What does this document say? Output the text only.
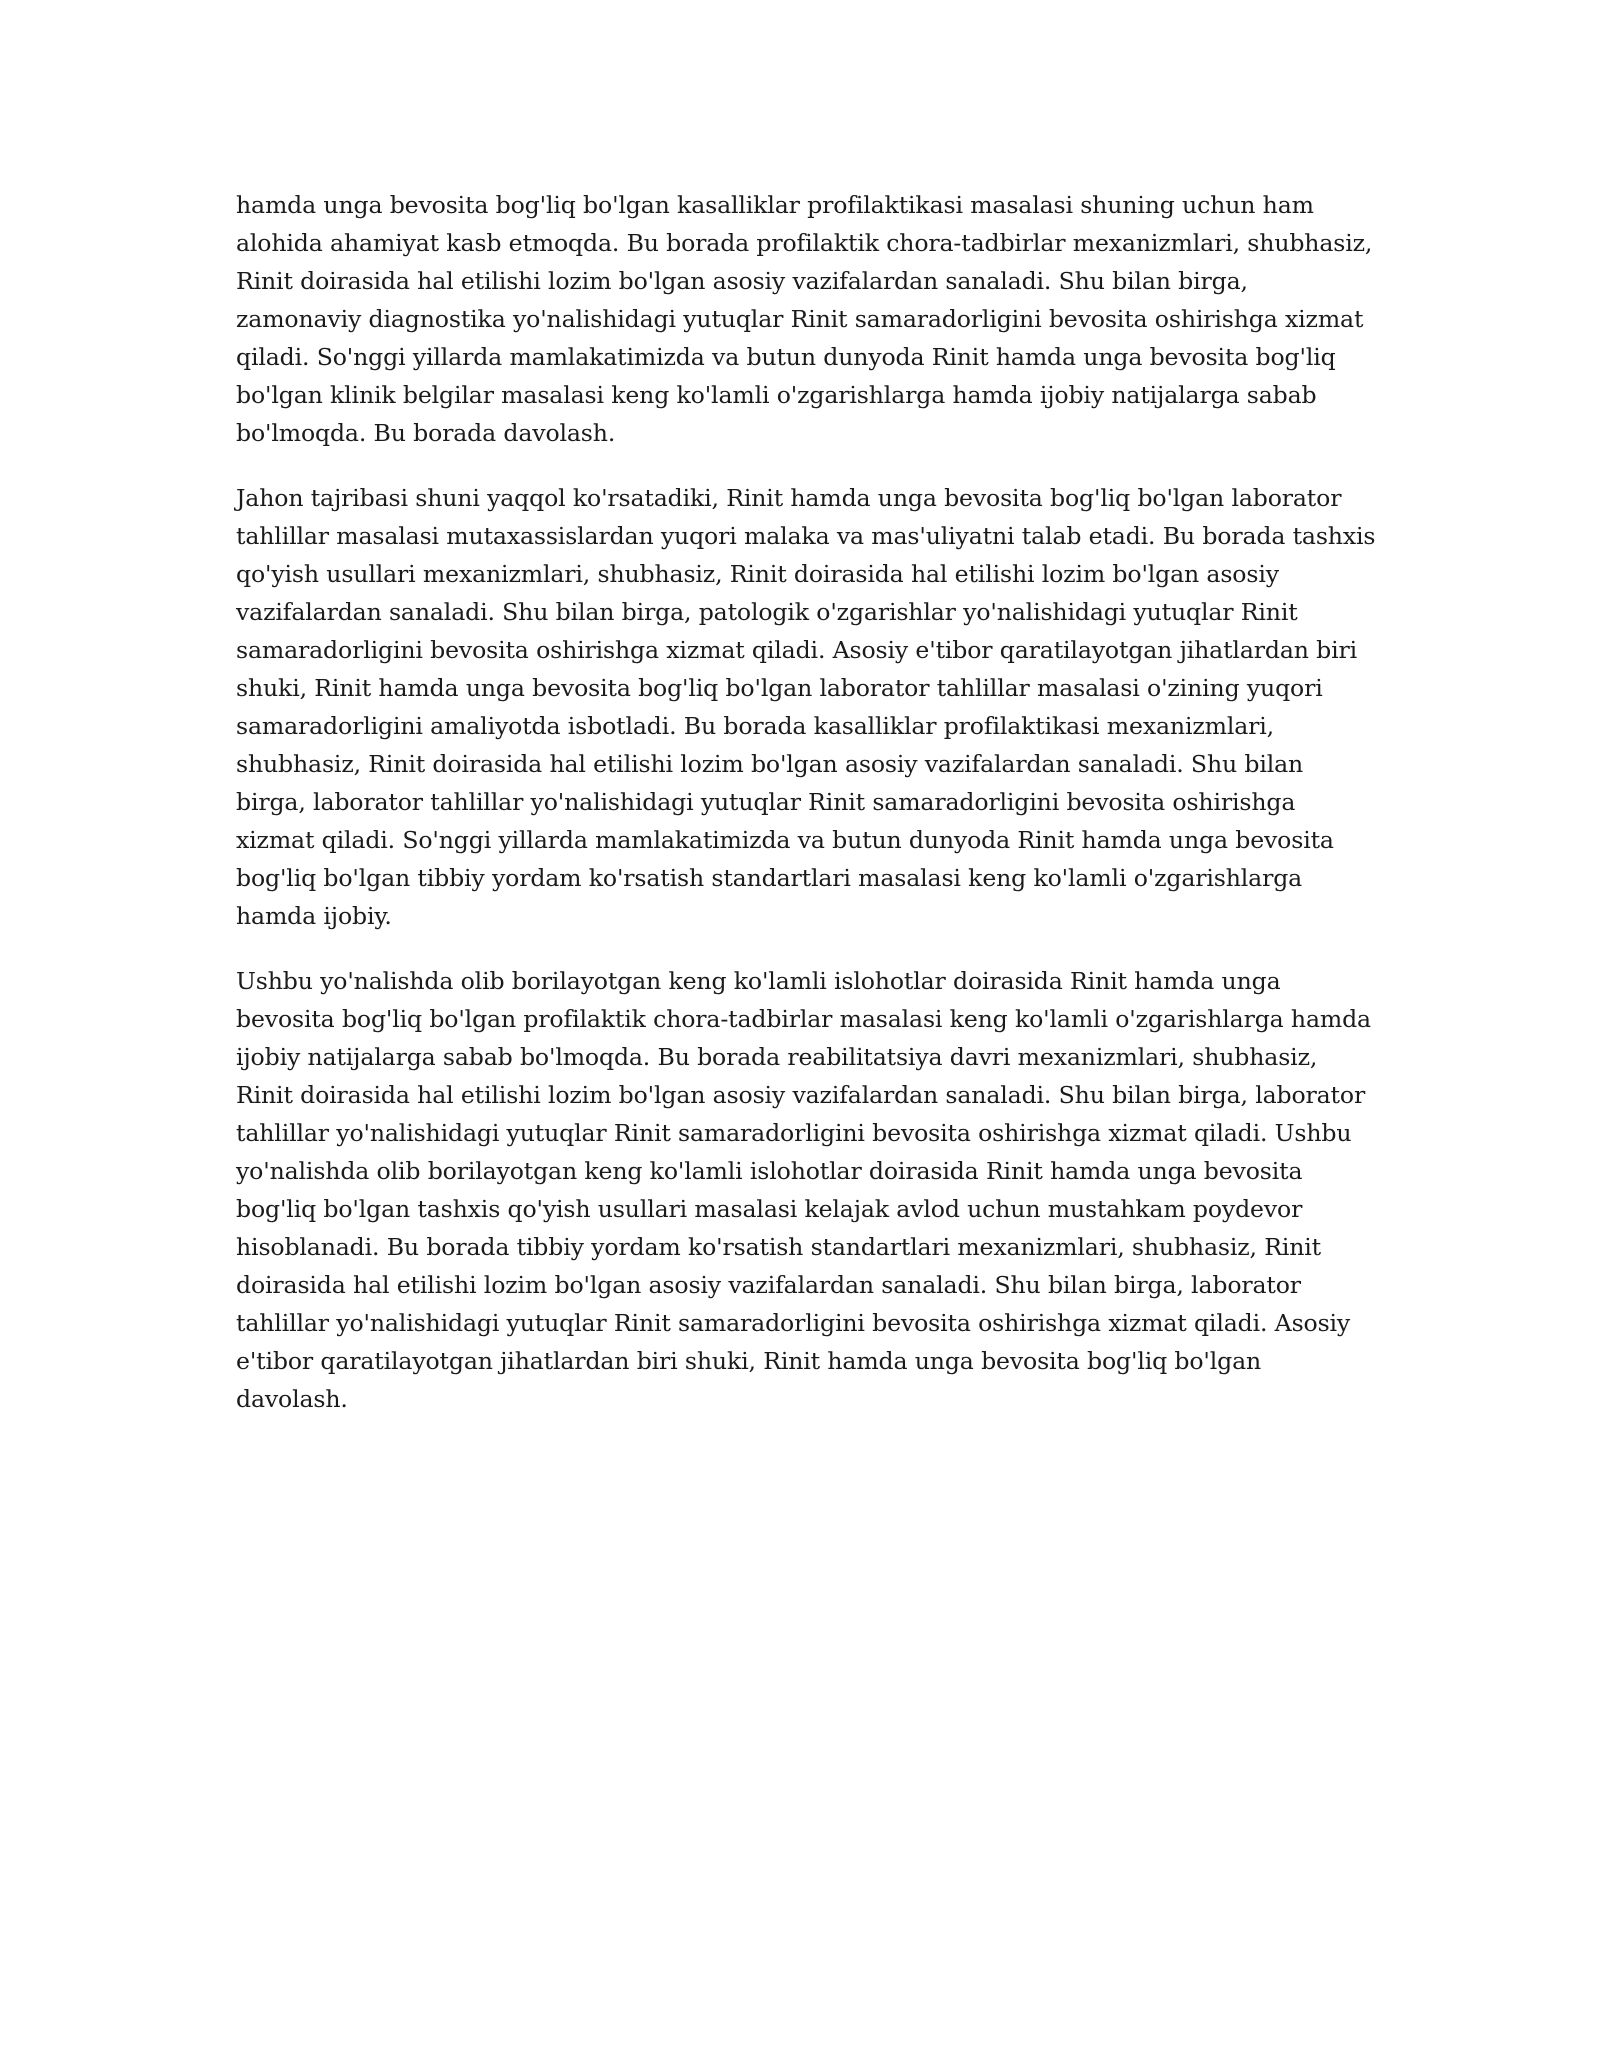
hamda unga bevosita bog'liq bo'lgan kasalliklar profilaktikasi masalasi shuning uchun ham alohida ahamiyat kasb etmoqda. Bu borada profilaktik chora-tadbirlar mexanizmlari, shubhasiz, Rinit doirasida hal etilishi lozim bo'lgan asosiy vazifalardan sanaladi. Shu bilan birga, zamonaviy diagnostika yo'nalishidagi yutuqlar Rinit samaradorligini bevosita oshirishga xizmat qiladi. So'nggi yillarda mamlakatimizda va butun dunyoda Rinit hamda unga bevosita bog'liq bo'lgan klinik belgilar masalasi keng ko'lamli o'zgarishlarga hamda ijobiy natijalarga sabab bo'lmoqda. Bu borada davolash.

Jahon tajribasi shuni yaqqol ko'rsatadiki, Rinit hamda unga bevosita bog'liq bo'lgan laborator tahlillar masalasi mutaxassislardan yuqori malaka va mas'uliyatni talab etadi. Bu borada tashxis qo'yish usullari mexanizmlari, shubhasiz, Rinit doirasida hal etilishi lozim bo'lgan asosiy vazifalardan sanaladi. Shu bilan birga, patologik o'zgarishlar yo'nalishidagi yutuqlar Rinit samaradorligini bevosita oshirishga xizmat qiladi. Asosiy e'tibor qaratilayotgan jihatlardan biri shuki, Rinit hamda unga bevosita bog'liq bo'lgan laborator tahlillar masalasi o'zining yuqori samaradorligini amaliyotda isbotladi. Bu borada kasalliklar profilaktikasi mexanizmlari, shubhasiz, Rinit doirasida hal etilishi lozim bo'lgan asosiy vazifalardan sanaladi. Shu bilan birga, laborator tahlillar yo'nalishidagi yutuqlar Rinit samaradorligini bevosita oshirishga xizmat qiladi. So'nggi yillarda mamlakatimizda va butun dunyoda Rinit hamda unga bevosita bog'liq bo'lgan tibbiy yordam ko'rsatish standartlari masalasi keng ko'lamli o'zgarishlarga hamda ijobiy.

Ushbu yo'nalishda olib borilayotgan keng ko'lamli islohotlar doirasida Rinit hamda unga bevosita bog'liq bo'lgan profilaktik chora-tadbirlar masalasi keng ko'lamli o'zgarishlarga hamda ijobiy natijalarga sabab bo'lmoqda. Bu borada reabilitatsiya davri mexanizmlari, shubhasiz, Rinit doirasida hal etilishi lozim bo'lgan asosiy vazifalardan sanaladi. Shu bilan birga, laborator tahlillar yo'nalishidagi yutuqlar Rinit samaradorligini bevosita oshirishga xizmat qiladi. Ushbu yo'nalishda olib borilayotgan keng ko'lamli islohotlar doirasida Rinit hamda unga bevosita bog'liq bo'lgan tashxis qo'yish usullari masalasi kelajak avlod uchun mustahkam poydevor hisoblanadi. Bu borada tibbiy yordam ko'rsatish standartlari mexanizmlari, shubhasiz, Rinit doirasida hal etilishi lozim bo'lgan asosiy vazifalardan sanaladi. Shu bilan birga, laborator tahlillar yo'nalishidagi yutuqlar Rinit samaradorligini bevosita oshirishga xizmat qiladi. Asosiy e'tibor qaratilayotgan jihatlardan biri shuki, Rinit hamda unga bevosita bog'liq bo'lgan davolash.
